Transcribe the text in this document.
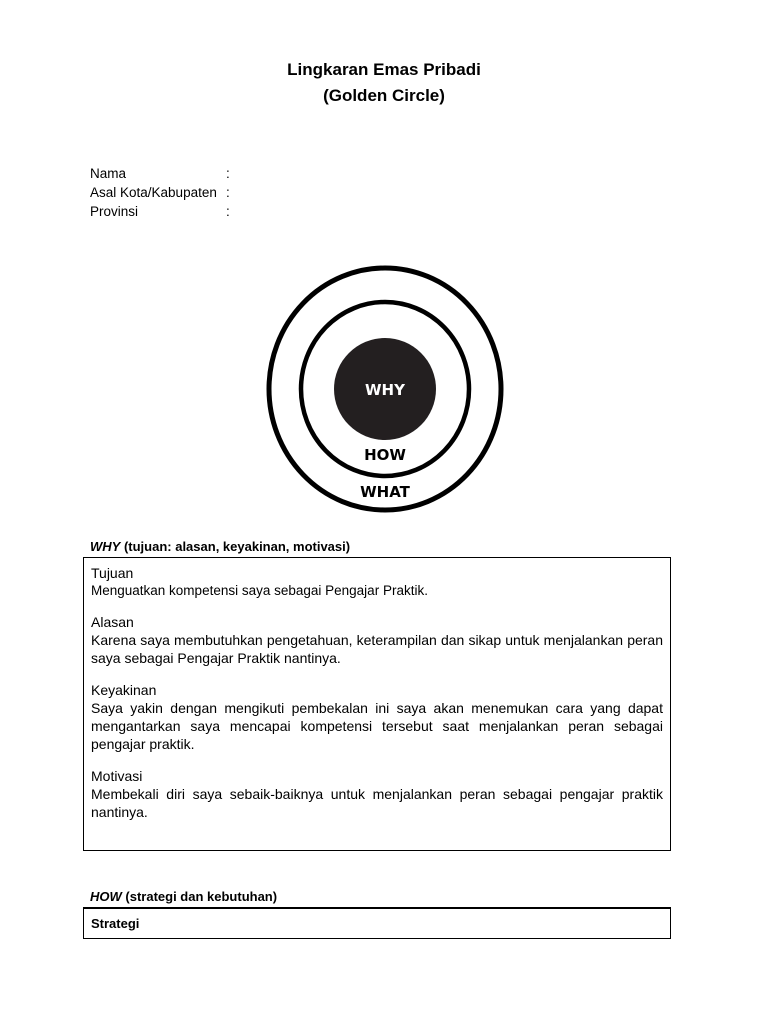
Lingkaran Emas Pribadi
(Golden Circle)
Nama	:
Asal Kota/Kabupaten :
Provinsi	:
WHY
HOW
WHAT
WHY (tujuan: alasan, keyakinan, motivasi)
Tujuan
Menguatkan kompetensi saya sebagai Pengajar Praktik.
Alasan
Karena saya membutuhkan pengetahuan, keterampilan dan sikap untuk menjalankan peran saya sebagai Pengajar Praktik nantinya.
Keyakinan
Saya yakin dengan mengikuti pembekalan ini saya akan menemukan cara yang dapat mengantarkan saya mencapai kompetensi tersebut saat menjalankan peran sebagai pengajar praktik.
Motivasi
Membekali diri saya sebaik-baiknya untuk menjalankan peran sebagai pengajar praktik nantinya.
HOW (strategi dan kebutuhan)
Strategi
